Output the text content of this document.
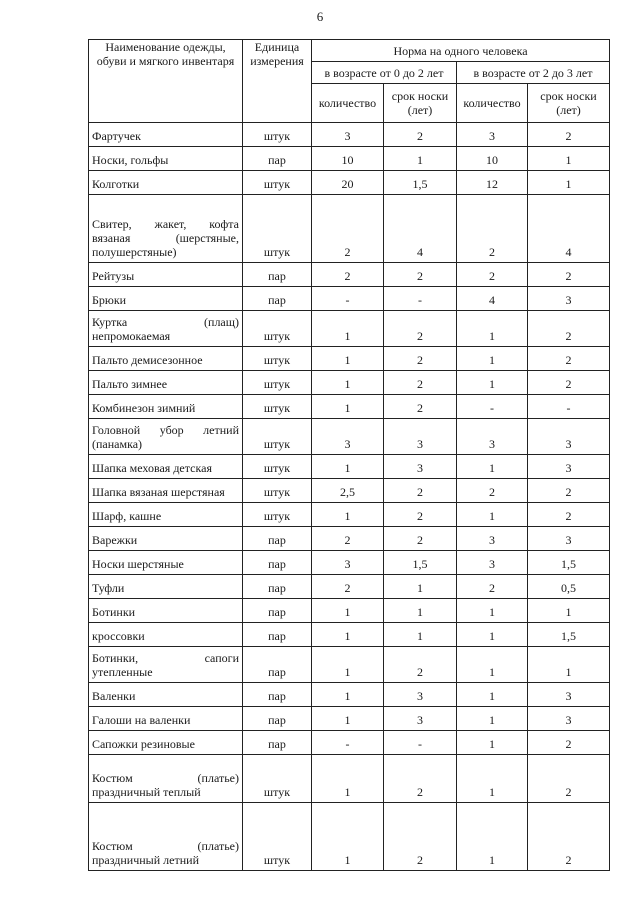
6
Наименование одежды, обуви и мягкого инвентаря	Единица измерения	Норма на одного человека			
		в возрасте от 0 до 2 лет		в возрасте от 2 до 3 лет	
		количество	срок носки (лет)	количество	срок носки (лет)
Фартучек	штук	3	2	3	2
Носки, гольфы	пар	10	1	10	1
Колготки	штук	20	1,5	12	1
Свитер, жакет, кофта вязаная (шерстяные, полушерстяные)	штук	2	4	2	4
Рейтузы	пар	2	2	2	2
Брюки	пар	-	-	4	3
Куртка (плащ) непромокаемая	штук	1	2	1	2
Пальто демисезонное	штук	1	2	1	2
Пальто зимнее	штук	1	2	1	2
Комбинезон зимний	штук	1	2	-	-
Головной убор летний (панамка)	штук	3	3	3	3
Шапка меховая детская	штук	1	3	1	3
Шапка вязаная шерстяная	штук	2,5	2	2	2
Шарф, кашне	штук	1	2	1	2
Варежки	пар	2	2	3	3
Носки шерстяные	пар	3	1,5	3	1,5
Туфли	пар	2	1	2	0,5
Ботинки	пар	1	1	1	1
кроссовки	пар	1	1	1	1,5
Ботинки, сапоги утепленные	пар	1	2	1	1
Валенки	пар	1	3	1	3
Галоши на валенки	пар	1	3	1	3
Сапожки резиновые	пар	-	-	1	2
Костюм (платье) праздничный теплый	штук	1	2	1	2
Костюм (платье) праздничный летний	штук	1	2	1	2
